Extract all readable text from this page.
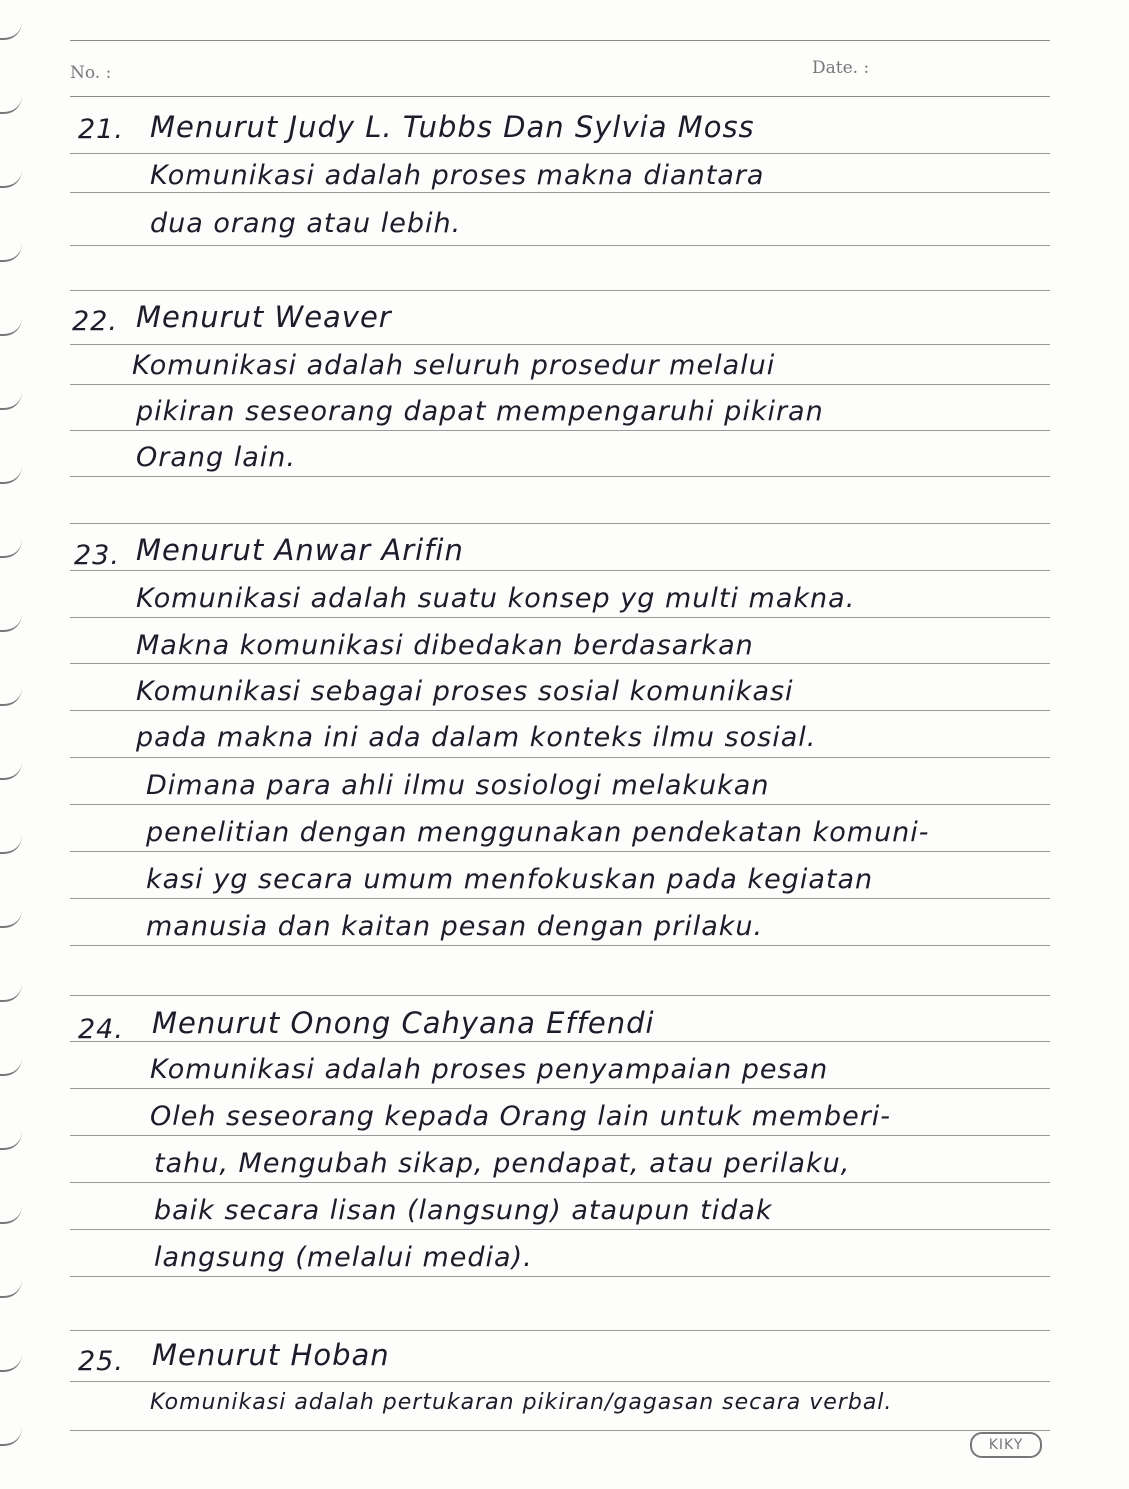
No. :	Date. :
21. Menurut Judy L. Tubbs Dan Sylvia Moss
Komunikasi adalah proses makna diantara
dua orang atau lebih.
22. Menurut Weaver
Komunikasi adalah seluruh prosedur melalui
pikiran seseorang dapat mempengaruhi pikiran
Orang lain.
23. Menurut Anwar Arifin
Komunikasi adalah suatu konsep yg multi makna.
Makna komunikasi dibedakan berdasarkan
Komunikasi sebagai proses sosial komunikasi
pada makna ini ada dalam konteks ilmu sosial.
Dimana para ahli ilmu sosiologi melakukan
penelitian dengan menggunakan pendekatan komuni-
kasi yg secara umum menfokuskan pada kegiatan
manusia dan kaitan pesan dengan prilaku.
24. Menurut Onong Cahyana Effendi
Komunikasi adalah proses penyampaian pesan
Oleh seseorang kepada Orang lain untuk memberi-
tahu, Mengubah sikap, pendapat, atau perilaku,
baik secara lisan (langsung) ataupun tidak
langsung (melalui media).
25. Menurut Hoban
Komunikasi adalah pertukaran pikiran/gagasan secara verbal.
KIKY
